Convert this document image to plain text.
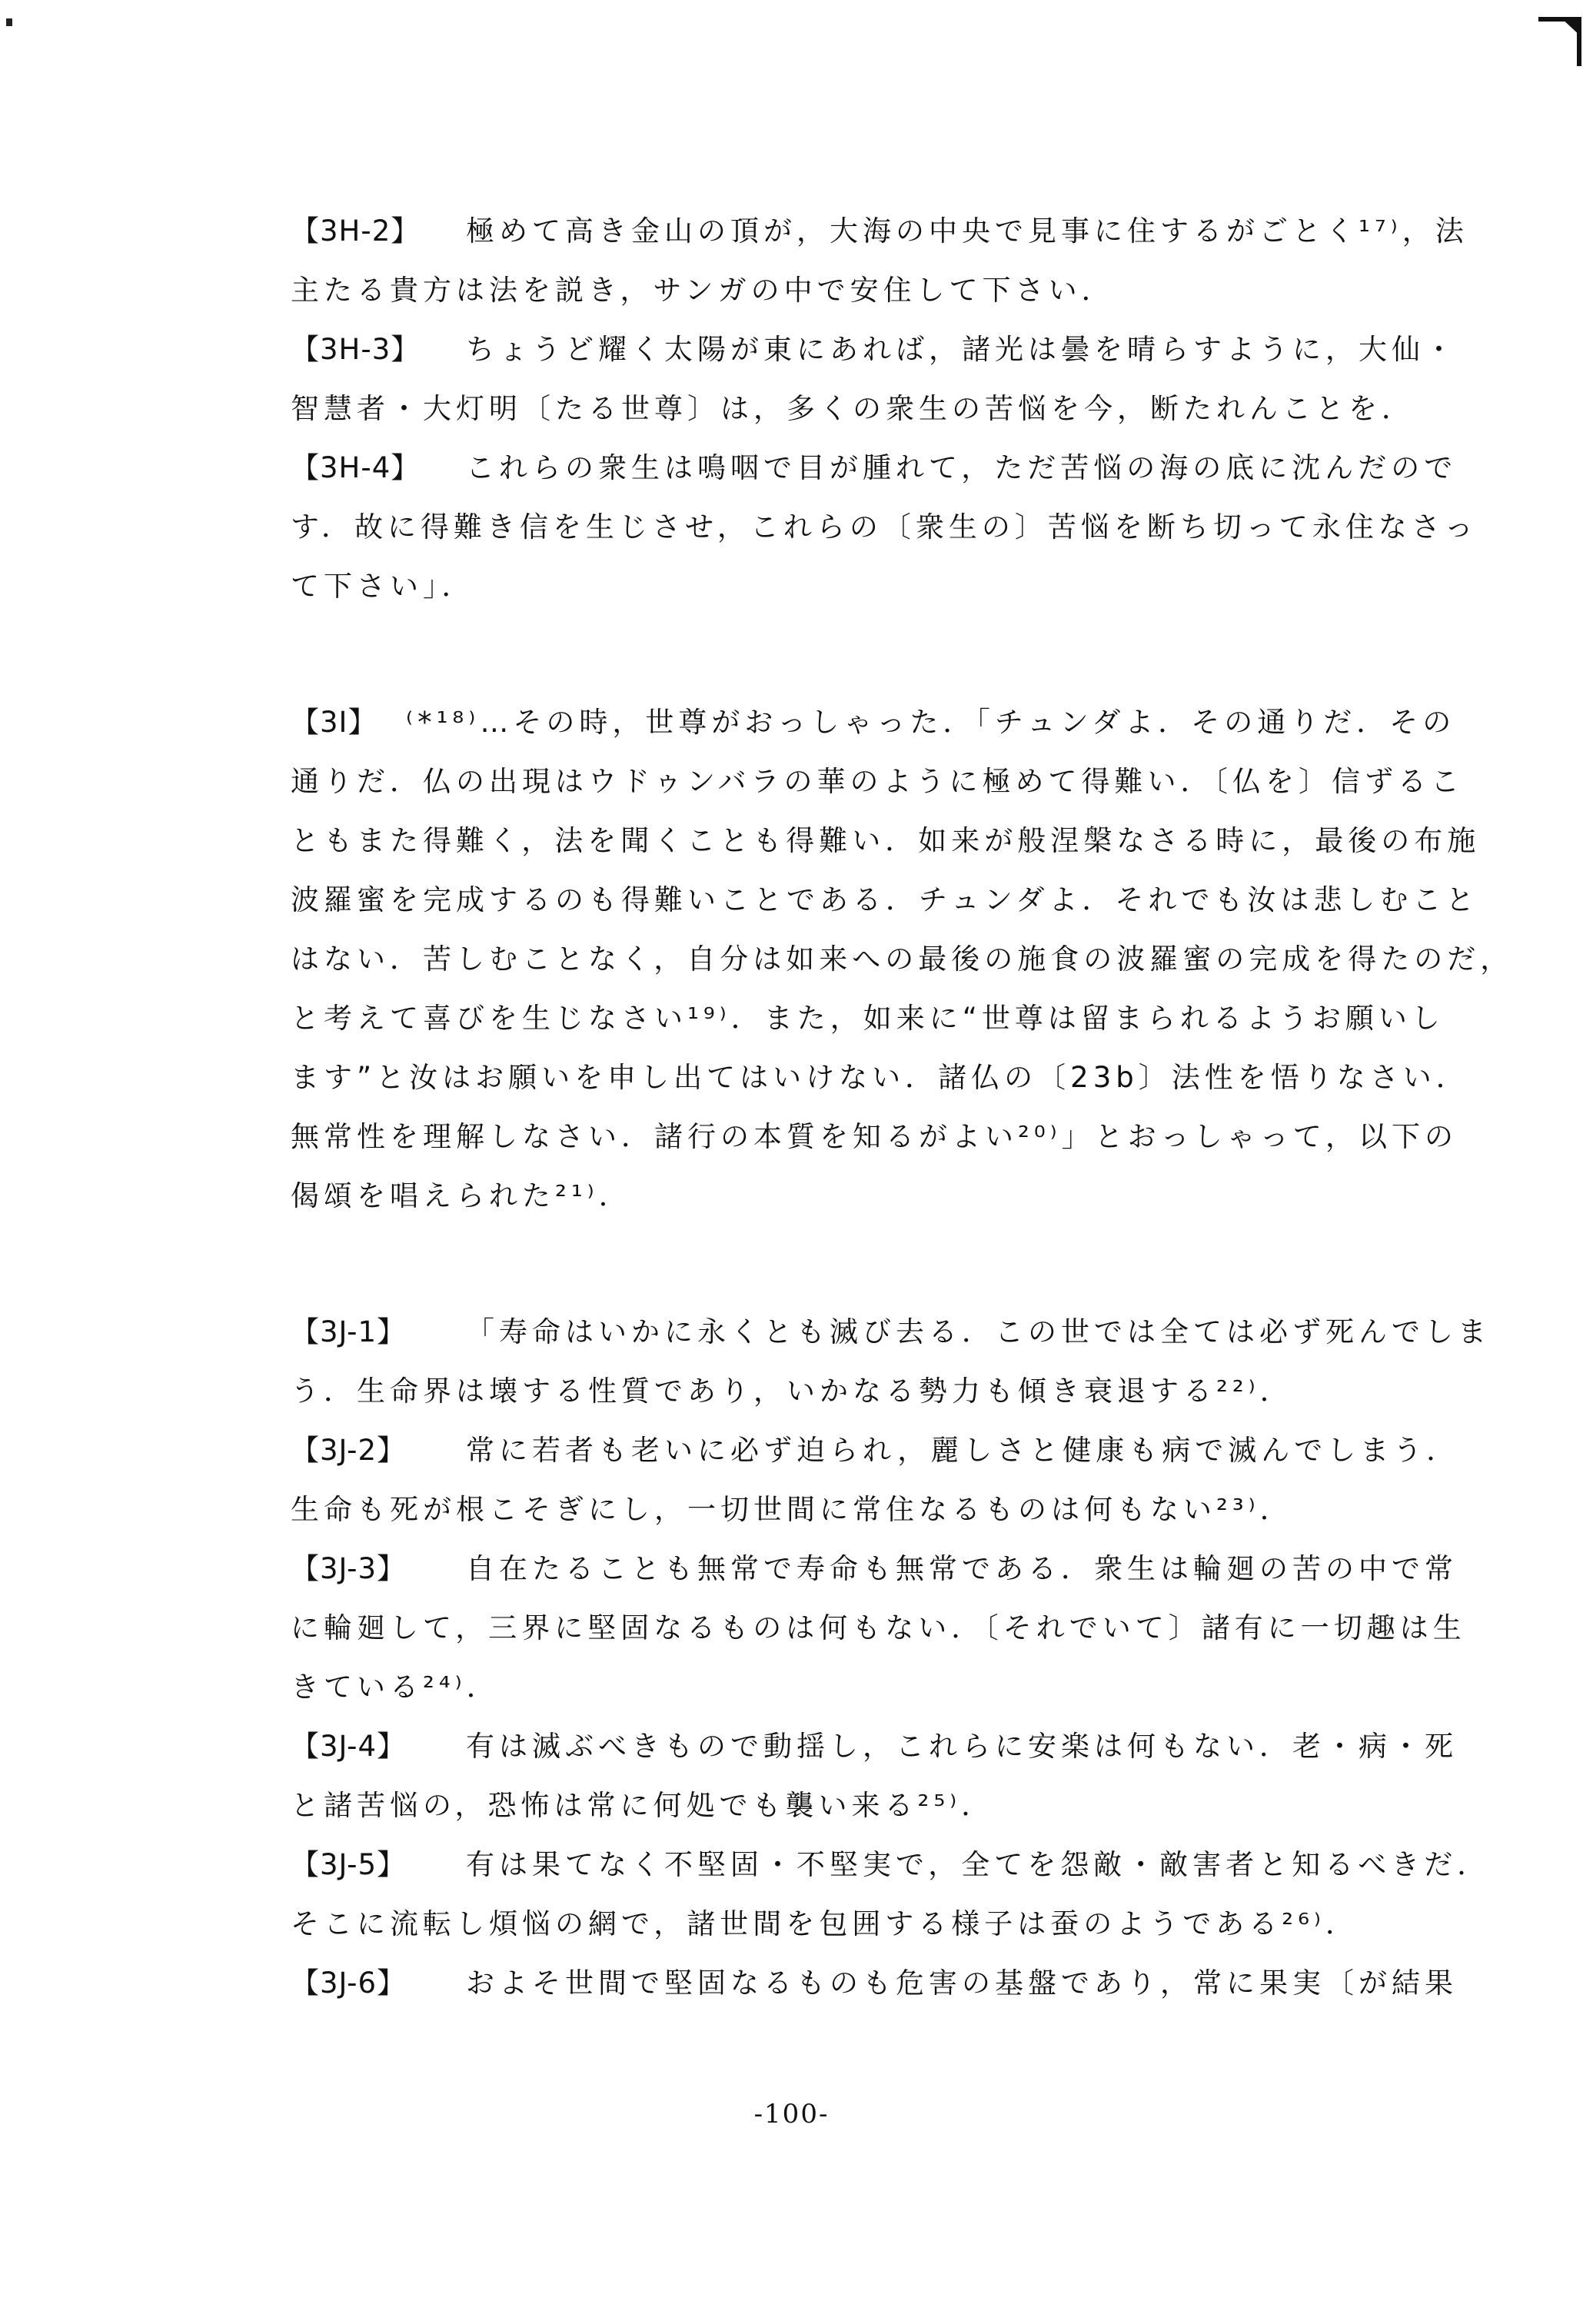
【3H-2】 極めて高き金山の頂が，大海の中央で見事に住するがごとく¹⁷⁾，法
主たる貴方は法を説き，サンガの中で安住して下さい．
【3H-3】 ちょうど耀く太陽が東にあれば，諸光は曇を晴らすように，大仙・
智慧者・大灯明〔たる世尊〕は，多くの衆生の苦悩を今，断たれんことを．
【3H-4】 これらの衆生は鳴咽で目が腫れて，ただ苦悩の海の底に沈んだので
す．故に得難き信を生じさせ，これらの〔衆生の〕苦悩を断ち切って永住なさっ
て下さい」．
【3I】 ⁽*¹⁸⁾…その時，世尊がおっしゃった．「チュンダよ．その通りだ．その
通りだ．仏の出現はウドゥンバラの華のように極めて得難い．〔仏を〕信ずるこ
ともまた得難く，法を聞くことも得難い．如来が般涅槃なさる時に，最後の布施
波羅蜜を完成するのも得難いことである．チュンダよ．それでも汝は悲しむこと
はない．苦しむことなく，自分は如来への最後の施食の波羅蜜の完成を得たのだ，
と考えて喜びを生じなさい¹⁹⁾．また，如来に“世尊は留まられるようお願いし
ます”と汝はお願いを申し出てはいけない．諸仏の〔23b〕法性を悟りなさい．
無常性を理解しなさい．諸行の本質を知るがよい²⁰⁾」とおっしゃって，以下の
偈頌を唱えられた²¹⁾．
【3J-1】 「寿命はいかに永くとも滅び去る．この世では全ては必ず死んでしま
う．生命界は壊する性質であり，いかなる勢力も傾き衰退する²²⁾．
【3J-2】 常に若者も老いに必ず迫られ，麗しさと健康も病で滅んでしまう．
生命も死が根こそぎにし，一切世間に常住なるものは何もない²³⁾．
【3J-3】 自在たることも無常で寿命も無常である．衆生は輪廻の苦の中で常
に輪廻して，三界に堅固なるものは何もない．〔それでいて〕諸有に一切趣は生
きている²⁴⁾．
【3J-4】 有は滅ぶべきもので動揺し，これらに安楽は何もない．老・病・死
と諸苦悩の，恐怖は常に何処でも襲い来る²⁵⁾．
【3J-5】 有は果てなく不堅固・不堅実で，全てを怨敵・敵害者と知るべきだ．
そこに流転し煩悩の網で，諸世間を包囲する様子は蚕のようである²⁶⁾．
【3J-6】 およそ世間で堅固なるものも危害の基盤であり，常に果実〔が結果
-100-
